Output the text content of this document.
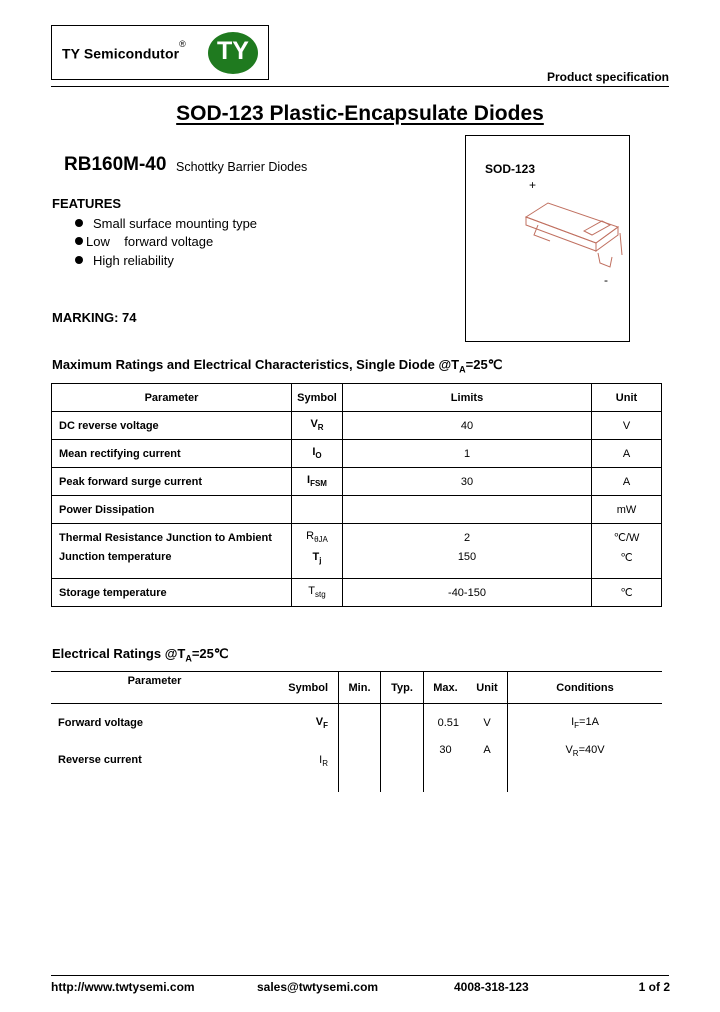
TY Semicondutor®	TY
Product specification
SOD-123 Plastic-Encapsulate Diodes
RB160M-40 Schottky Barrier Diodes
FEATURES
Small surface mounting type
Low    forward voltage
High reliability
MARKING: 74
SOD-123
+
-
Maximum Ratings and Electrical Characteristics, Single Diode $@T_A=25℃$
Parameter	Symbol	Limits	Unit
DC reverse voltage	$V_R$	40	V
Mean rectifying current	$I_O$	1	A
Peak forward surge current	$I_{FSM}$	30	A
Power Dissipation			mW
Thermal Resistance Junction to Ambient	$R_{\theta JA}$	2	℃/W
Junction temperature	$T_j$	150	℃
Storage temperature	$T_{stg}$	-40-150	℃
Electrical Ratings $@T_A=25℃$
Parameter	Symbol	Min.	Typ.	Max.	Unit	Conditions
Forward voltage	$V_F$			0.51	V	$I_F=1A$
Reverse current	$I_R$			30	A	$V_R=40V$
http://www.twtysemi.com	sales@twtysemi.com	4008-318-123	1 of 2
